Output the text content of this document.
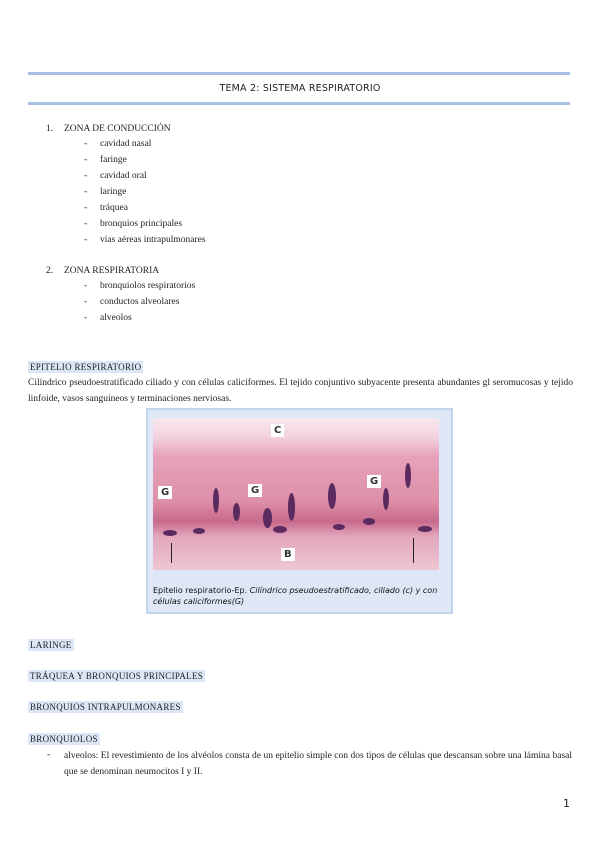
TEMA 2: SISTEMA RESPIRATORIO
1. ZONA DE CONDUCCIÓN
- cavidad nasal
- faringe
- cavidad oral
- laringe
- tráquea
- bronquios principales
- vías aéreas intrapulmonares
2. ZONA RESPIRATORIA
- bronquiolos respiratorios
- conductos alveolares
- alveolos
EPITELIO RESPIRATORIO
Cilíndrico pseudoestratificado ciliado y con células caliciformes. El tejido conjuntivo subyacente presenta abundantes gl seromucosas y tejido linfoide, vasos sanguíneos y terminaciones nerviosas.
C
G	G
G
B
Epitelio respiratorio-Ep. Cilíndrico pseudoestratificado, ciliado (c) y con células caliciformes(G)
LARINGE
TRÁQUEA Y BRONQUIOS PRINCIPALES
BRONQUIOS INTRAPULMONARES
BRONQUIOLOS
- alveolos: El revestimiento de los alvéolos consta de un epitelio simple con dos tipos de células que descansan sobre una lámina basal que se denominan neumocitos I y II.
1
